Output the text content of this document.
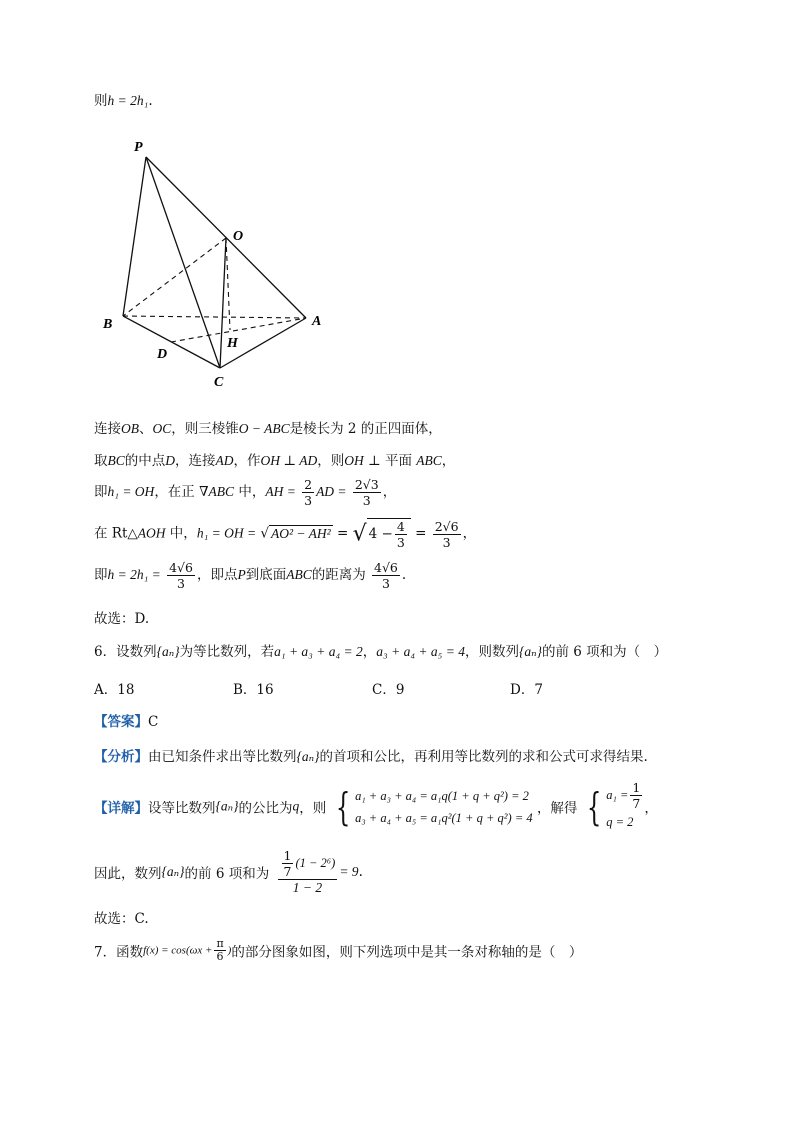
则h = 2h₁.
P
O
B	A
D
H
C
连接OB、OC，则三棱锥O − ABC是棱长为 2 的正四面体，
取BC的中点D，连接AD，作OH ⊥ AD，则OH ⊥ 平面 ABC，
即h₁ = OH，在正 ∇ABC 中，AH = $\frac{2}{3}$ AD = $\frac{2√3}{3}$ ，
在 Rt△AOH 中，h₁ = OH = √ AO² − AH² = √ $4 - \frac{4}{3} = \frac{2√6}{3}$ ，
即$h = 2h_1 = \frac{4√6}{3}$ ，即点P到底面ABC的距离为 $\frac{4√6}{3}$ .
故选：D.
6．设数列{aₙ}为等比数列，若a₁ + a₃ + a₄ = 2，a₃ + a₄ + a₅ = 4，则数列{aₙ}的前 6 项和为（　）
A．18	B．16	C．9	D．7
【答案】C
【分析】由已知条件求出等比数列{aₙ}的首项和公比，再利用等比数列的求和公式可求得结果.
【详解】设等比数列{aₙ}的公比为q，则 { a₁ + a₃ + a₄ = a₁q(1 + q + q²) = 2
a₃ + a₄ + a₅ = a₁q²(1 + q + q²) = 4 ，解得 { $a_1 = \frac{1}{7}$

q = 2，
因此，数列{aₙ}的前 6 项和为 $\frac{\frac{1}{7} (1 - 2^6)}{1 - 2} = 9$.
故选：C.
7．函数$f(x) = \cos(\omega x + \frac{\pi}{6}$ )的部分图象如图，则下列选项中是其一条对称轴的是（　）
